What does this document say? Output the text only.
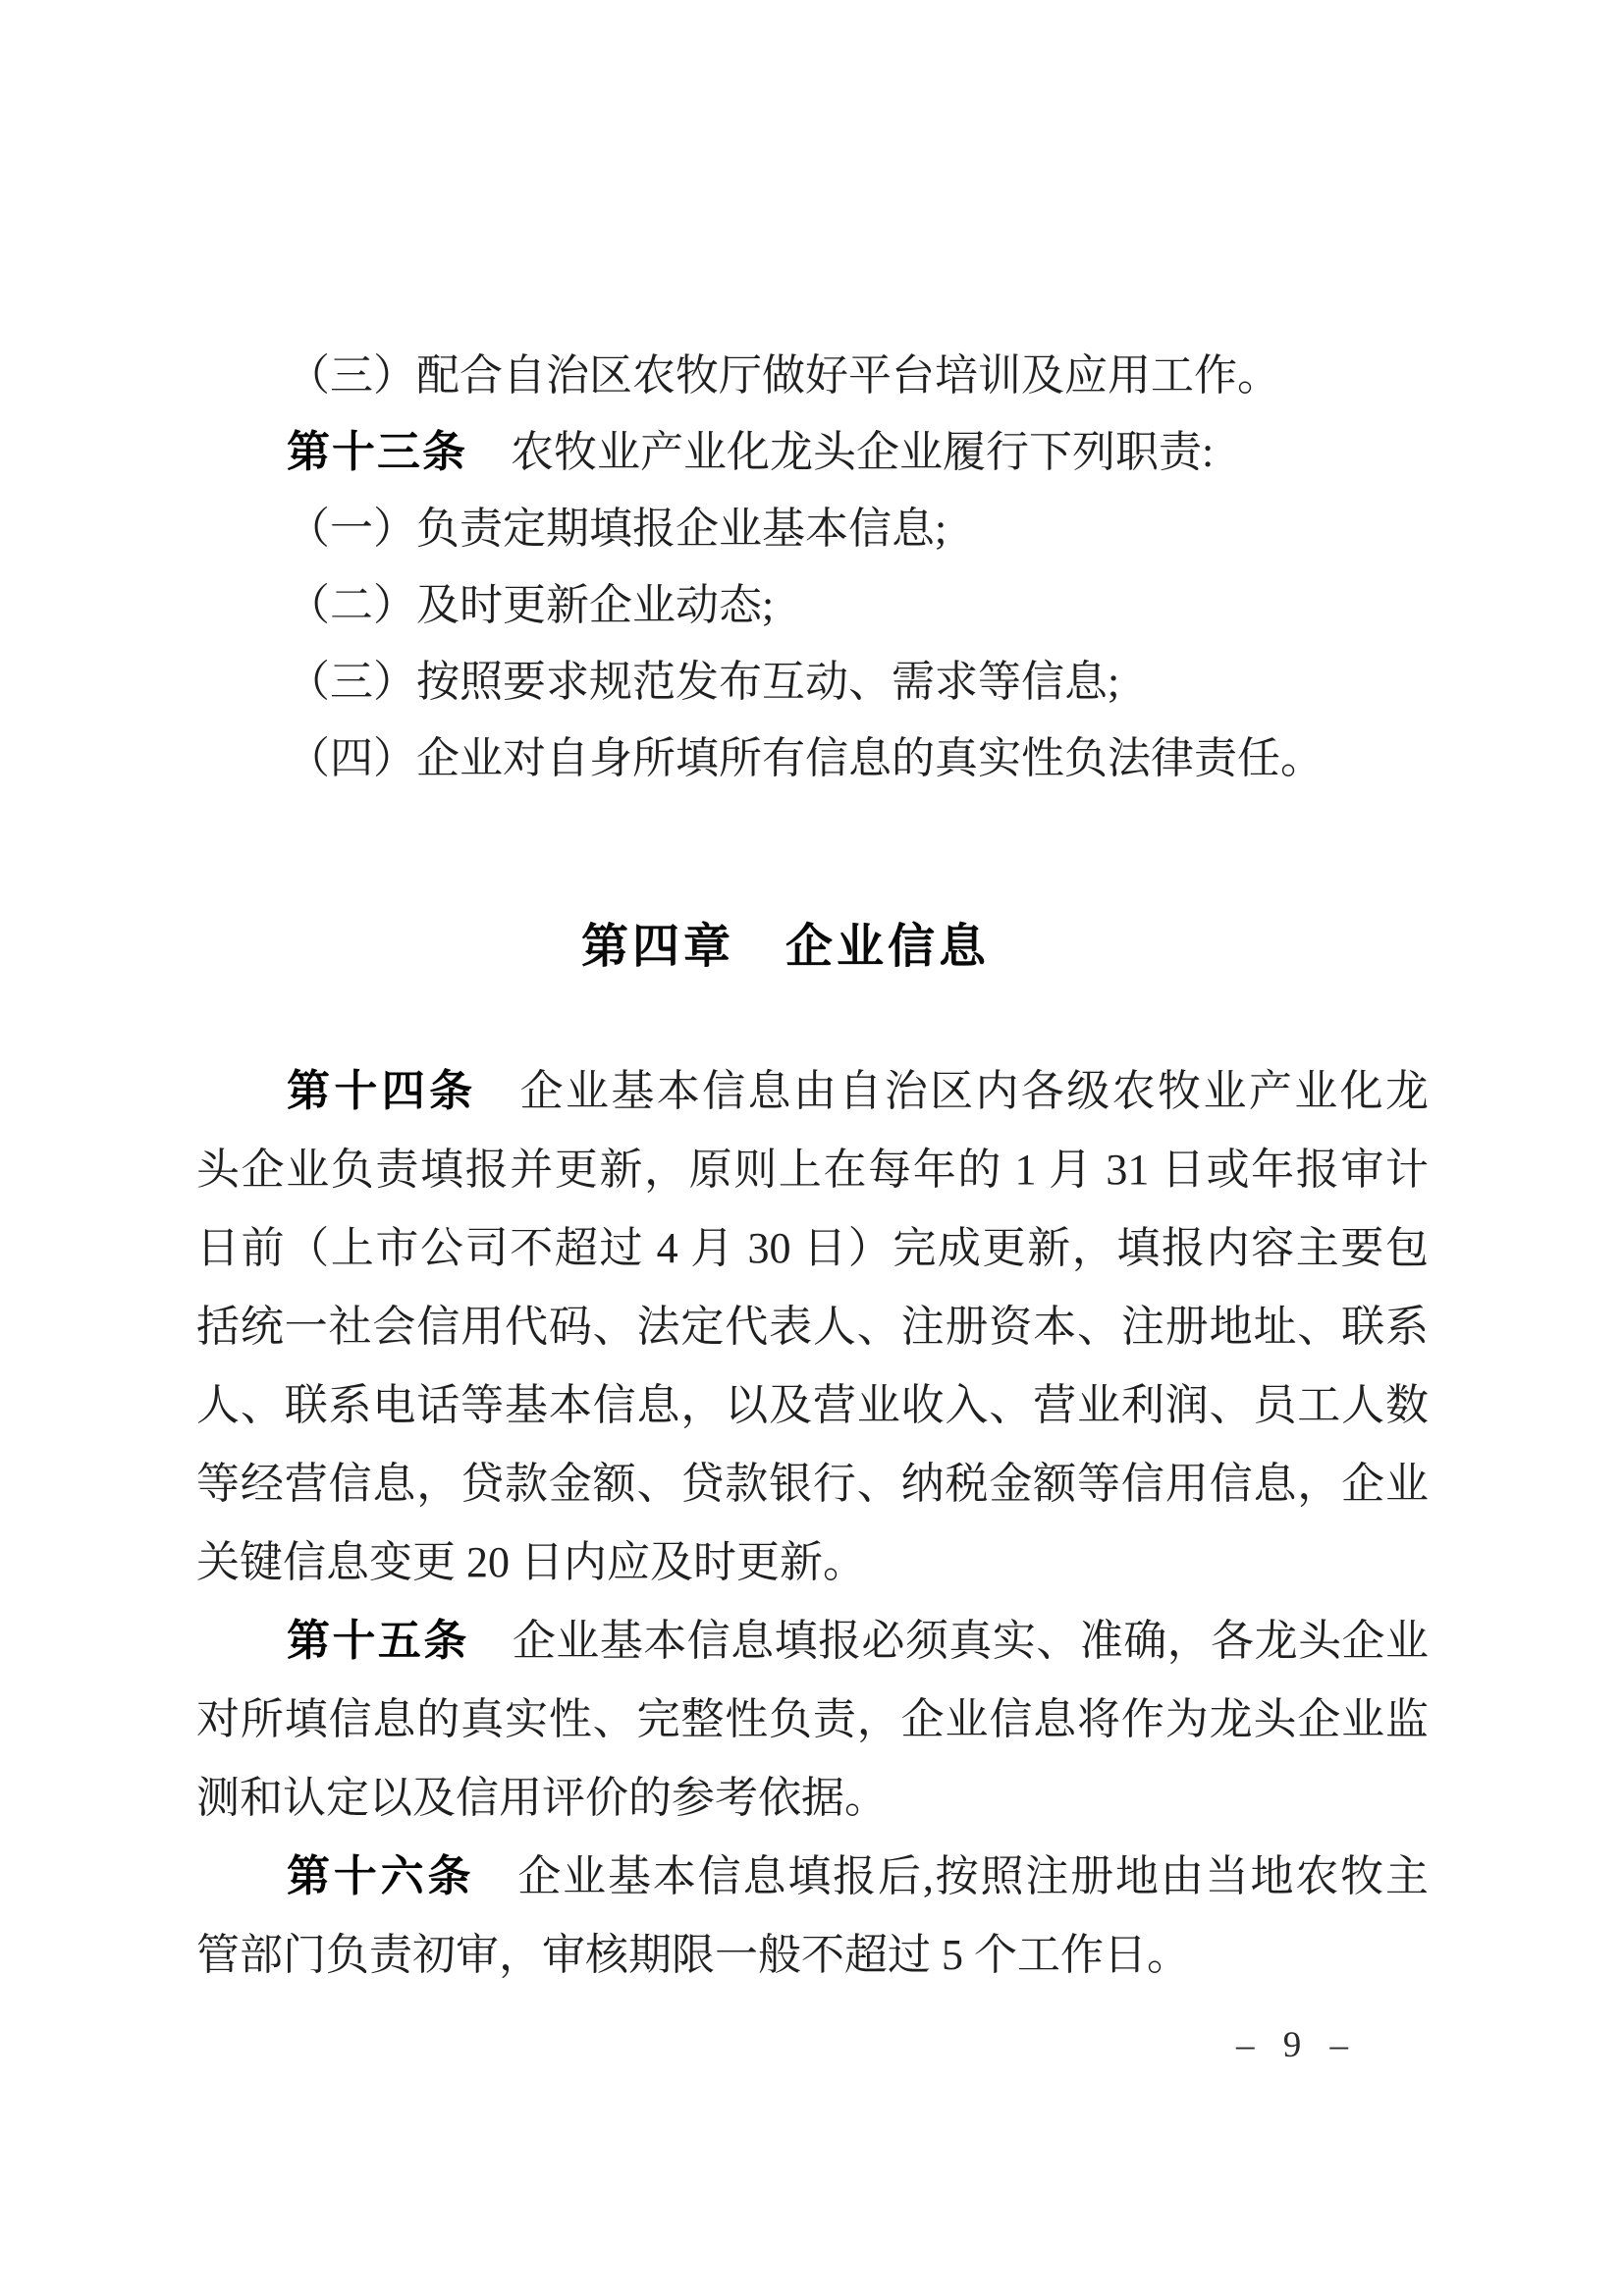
（三）配合自治区农牧厅做好平台培训及应用工作。
第十三条 农牧业产业化龙头企业履行下列职责:
（一）负责定期填报企业基本信息;
（二）及时更新企业动态;
（三）按照要求规范发布互动、需求等信息;
（四）企业对自身所填所有信息的真实性负法律责任。
第四章　企业信息
第十四条 企业基本信息由自治区内各级农牧业产业化龙
头企业负责填报并更新，原则上在每年的 1 月 31 日或年报审计
日前（上市公司不超过 4 月 30 日）完成更新，填报内容主要包
括统一社会信用代码、法定代表人、注册资本、注册地址、联系
人、联系电话等基本信息，以及营业收入、营业利润、员工人数
等经营信息，贷款金额、贷款银行、纳税金额等信用信息，企业
关键信息变更 20 日内应及时更新。
第十五条 企业基本信息填报必须真实、准确，各龙头企业
对所填信息的真实性、完整性负责，企业信息将作为龙头企业监
测和认定以及信用评价的参考依据。
第十六条 企业基本信息填报后,按照注册地由当地农牧主
管部门负责初审，审核期限一般不超过 5 个工作日。
– 9 –
